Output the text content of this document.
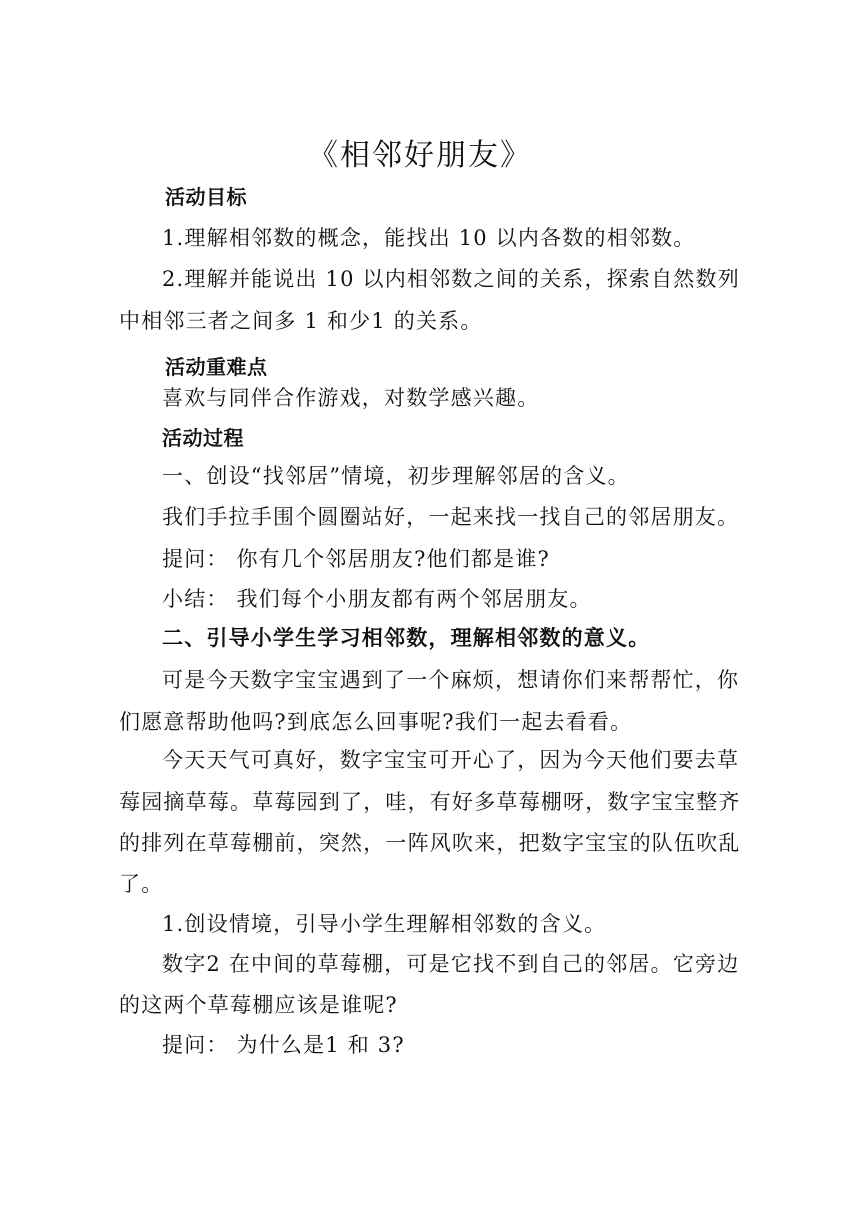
《相邻好朋友》
活动目标
1.理解相邻数的概念，能找出 10 以内各数的相邻数。
2.理解并能说出 10 以内相邻数之间的关系，探索自然数列
中相邻三者之间多 1 和少1 的关系。
活动重难点
喜欢与同伴合作游戏，对数学感兴趣。
活动过程
一、创设“找邻居”情境，初步理解邻居的含义。
我们手拉手围个圆圈站好，一起来找一找自己的邻居朋友。
提问： 你有几个邻居朋友?他们都是谁?
小结： 我们每个小朋友都有两个邻居朋友。
二、引导小学生学习相邻数，理解相邻数的意义。
可是今天数字宝宝遇到了一个麻烦，想请你们来帮帮忙，你
们愿意帮助他吗?到底怎么回事呢?我们一起去看看。
今天天气可真好，数字宝宝可开心了，因为今天他们要去草
莓园摘草莓。草莓园到了，哇，有好多草莓棚呀，数字宝宝整齐
的排列在草莓棚前，突然，一阵风吹来，把数字宝宝的队伍吹乱
了。
1.创设情境，引导小学生理解相邻数的含义。
数字2 在中间的草莓棚，可是它找不到自己的邻居。它旁边
的这两个草莓棚应该是谁呢?
提问： 为什么是1 和 3?
